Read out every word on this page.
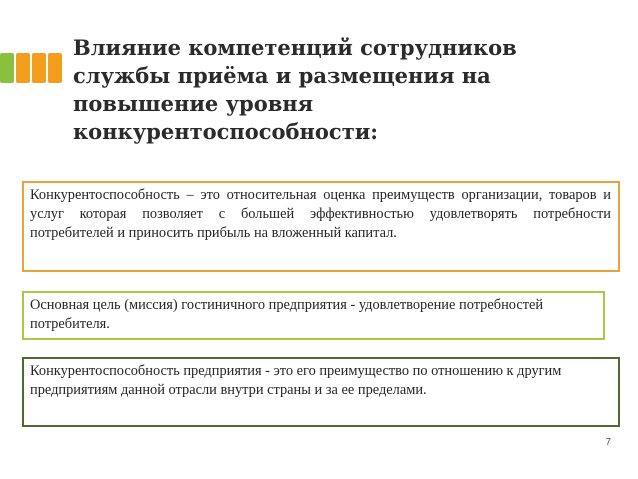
Влияние компетенций сотрудников службы приёма и размещения на повышение уровня конкурентоспособности:
Конкурентоспособность – это относительная оценка преимуществ организации, товаров и услуг которая позволяет с большей эффективностью удовлетворять потребности потребителей и приносить прибыль на вложенный капитал.
Основная цель (миссия) гостиничного предприятия - удовлетворение потребностей потребителя.
Конкурентоспособность предприятия - это его преимущество по отношению к другим предприятиям данной отрасли внутри страны и за ее пределами.
7
